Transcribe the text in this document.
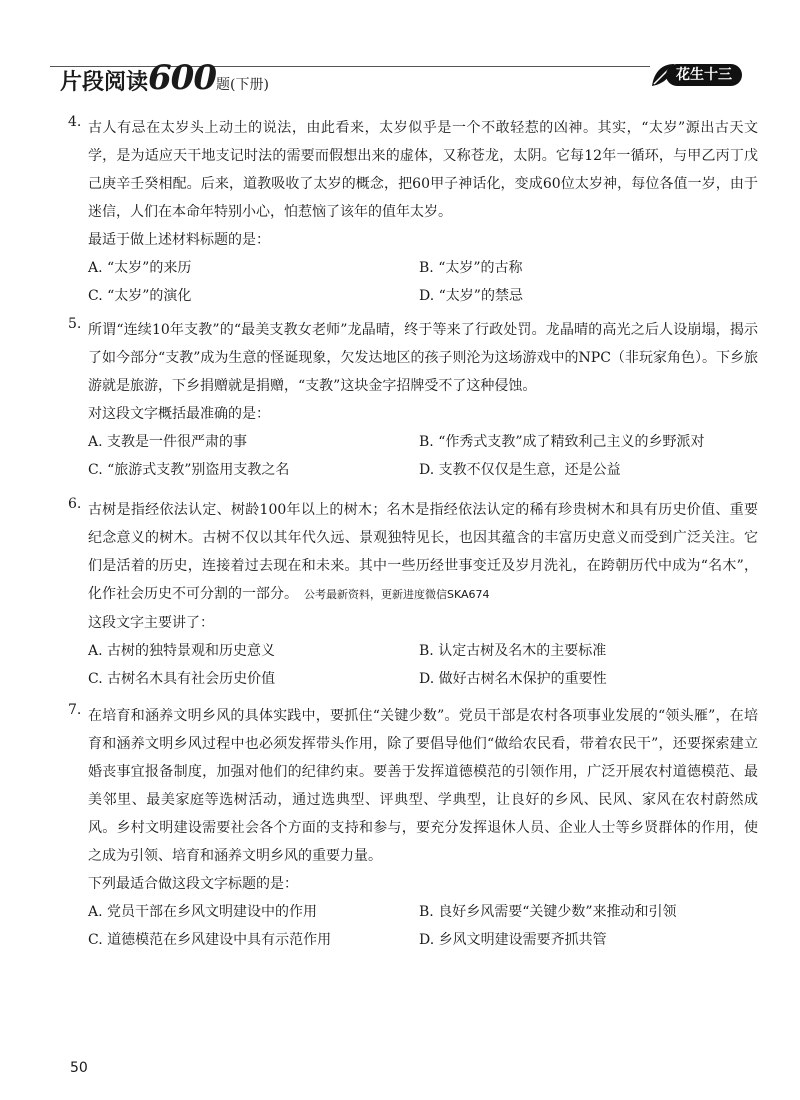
片段阅读600题(下册)
花生十三
4. 古人有忌在太岁头上动土的说法，由此看来，太岁似乎是一个不敢轻惹的凶神。其实，“太岁”源出古天文学，是为适应天干地支记时法的需要而假想出来的虚体，又称苍龙，太阴。它每12年一循环，与甲乙丙丁戊己庚辛壬癸相配。后来，道教吸收了太岁的概念，把60甲子神话化，变成60位太岁神，每位各值一岁，由于迷信，人们在本命年特别小心，怕惹恼了该年的值年太岁。
最适于做上述材料标题的是：
A. “太岁”的来历	B. “太岁”的古称
C. “太岁”的演化	D. “太岁”的禁忌
5. 所谓“连续10年支教”的“最美支教女老师”龙晶晴，终于等来了行政处罚。龙晶晴的高光之后人设崩塌，揭示了如今部分“支教”成为生意的怪诞现象，欠发达地区的孩子则沦为这场游戏中的NPC（非玩家角色）。下乡旅游就是旅游，下乡捐赠就是捐赠，“支教”这块金字招牌受不了这种侵蚀。
对这段文字概括最准确的是：
A. 支教是一件很严肃的事	B. “作秀式支教”成了精致利己主义的乡野派对
C. “旅游式支教”别盗用支教之名	D. 支教不仅仅是生意，还是公益
6. 古树是指经依法认定、树龄100年以上的树木；名木是指经依法认定的稀有珍贵树木和具有历史价值、重要纪念意义的树木。古树不仅以其年代久远、景观独特见长，也因其蕴含的丰富历史意义而受到广泛关注。它们是活着的历史，连接着过去现在和未来。其中一些历经世事变迁及岁月洗礼，在跨朝历代中成为“名木”，化作社会历史不可分割的一部分。 公考最新资料，更新进度微信SKA674
这段文字主要讲了：
A. 古树的独特景观和历史意义	B. 认定古树及名木的主要标准
C. 古树名木具有社会历史价值	D. 做好古树名木保护的重要性
7. 在培育和涵养文明乡风的具体实践中，要抓住“关键少数”。党员干部是农村各项事业发展的“领头雁”，在培育和涵养文明乡风过程中也必须发挥带头作用，除了要倡导他们“做给农民看，带着农民干”，还要探索建立婚丧事宜报备制度，加强对他们的纪律约束。要善于发挥道德模范的引领作用，广泛开展农村道德模范、最美邻里、最美家庭等选树活动，通过选典型、评典型、学典型，让良好的乡风、民风、家风在农村蔚然成风。乡村文明建设需要社会各个方面的支持和参与，要充分发挥退休人员、企业人士等乡贤群体的作用，使之成为引领、培育和涵养文明乡风的重要力量。
下列最适合做这段文字标题的是：
A. 党员干部在乡风文明建设中的作用	B. 良好乡风需要“关键少数”来推动和引领
C. 道德模范在乡风建设中具有示范作用	D. 乡风文明建设需要齐抓共管
50
